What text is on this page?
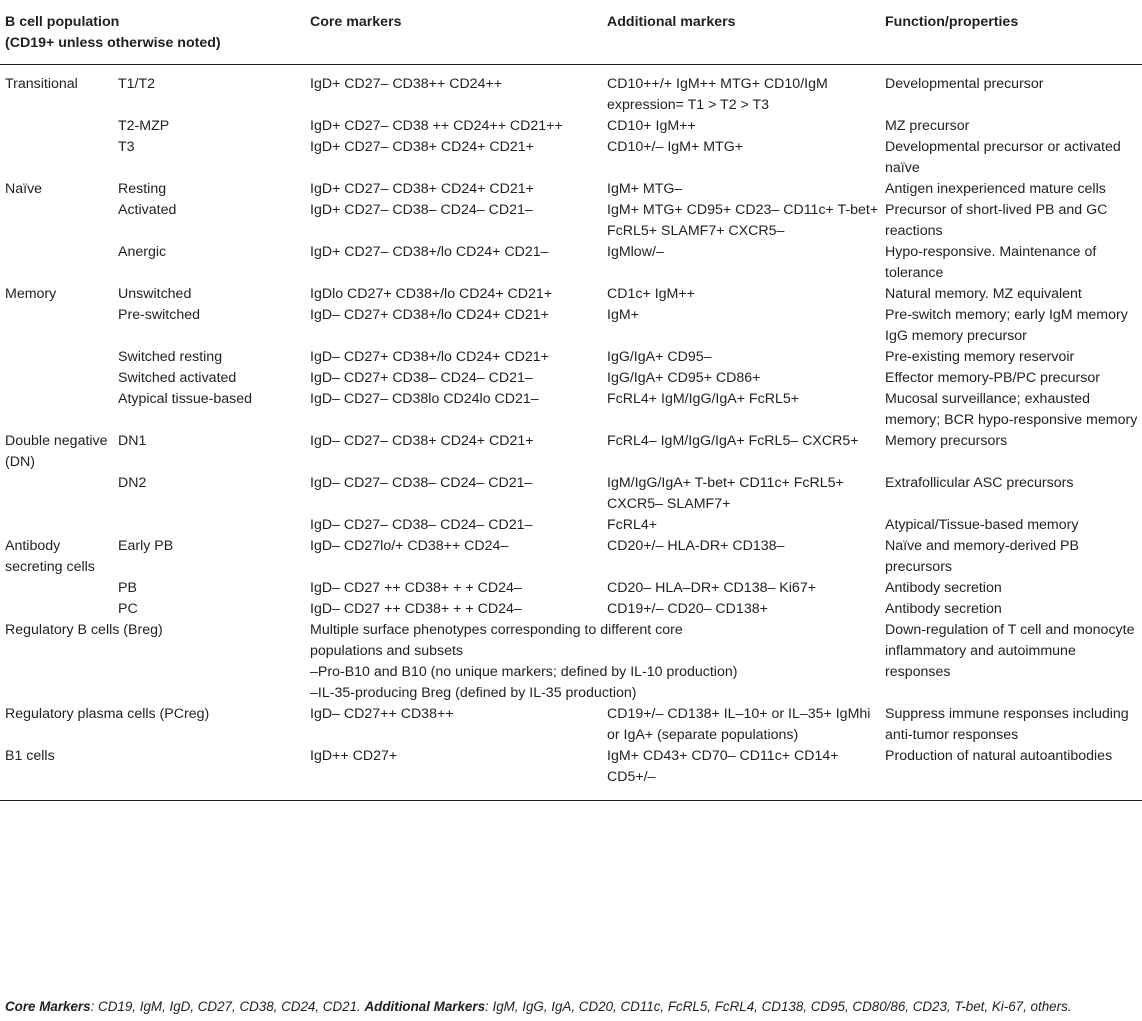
B cell population
(CD19+ unless otherwise noted)		Core markers	Additional markers	Function/properties
Transitional	T1/T2	IgD+ CD27– CD38++ CD24++	CD10++/+ IgM++ MTG+ CD10/IgM expression= T1 > T2 > T3	Developmental precursor

	T2-MZP	IgD+ CD27– CD38 ++ CD24++ CD21++	CD10+ IgM++	MZ precursor

	T3	IgD+ CD27– CD38+ CD24+ CD21+	CD10+/– IgM+ MTG+	Developmental precursor or activated naïve

Naïve	Resting	IgD+ CD27– CD38+ CD24+ CD21+	IgM+ MTG–	Antigen inexperienced mature cells

	Activated	IgD+ CD27– CD38– CD24– CD21–	IgM+ MTG+ CD95+ CD23– CD11c+ T-bet+ FcRL5+ SLAMF7+ CXCR5–	Precursor of short-lived PB and GC reactions

	Anergic	IgD+ CD27– CD38+/lo CD24+ CD21–	IgMlow/–	Hypo-responsive. Maintenance of tolerance

Memory	Unswitched	IgDlo CD27+ CD38+/lo CD24+ CD21+	CD1c+ IgM++	Natural memory. MZ equivalent

	Pre-switched	IgD– CD27+ CD38+/lo CD24+ CD21+	IgM+	Pre-switch memory; early IgM memory
IgG memory precursor

	Switched resting	IgD– CD27+ CD38+/lo CD24+ CD21+	IgG/IgA+ CD95–	Pre-existing memory reservoir

	Switched activated	IgD– CD27+ CD38– CD24– CD21–	IgG/IgA+ CD95+ CD86+	Effector memory-PB/PC precursor

	Atypical tissue-based	IgD– CD27– CD38lo CD24lo CD21–	FcRL4+ IgM/IgG/IgA+ FcRL5+	Mucosal surveillance; exhausted memory; BCR hypo-responsive memory

Double negative (DN)	DN1	IgD– CD27– CD38+ CD24+ CD21+	FcRL4– IgM/IgG/IgA+ FcRL5– CXCR5+	Memory precursors

	DN2	IgD– CD27– CD38– CD24– CD21–	IgM/IgG/IgA+ T-bet+ CD11c+ FcRL5+ CXCR5– SLAMF7+	Extrafollicular ASC precursors

		IgD– CD27– CD38– CD24– CD21–	FcRL4+	Atypical/Tissue-based memory

Antibody secreting cells	Early PB	IgD– CD27lo/+ CD38++ CD24–	CD20+/– HLA-DR+ CD138–	Naïve and memory-derived PB precursors

	PB	IgD– CD27 ++ CD38+ + + CD24–	CD20– HLA–DR+ CD138– Ki67+	Antibody secretion

	PC	IgD– CD27 ++ CD38+ + + CD24–	CD19+/– CD20– CD138+	Antibody secretion

Regulatory B cells (Breg)		Multiple surface phenotypes corresponding to different core
populations and subsets
–Pro-B10 and B10 (no unique markers; defined by IL-10 production)
–IL-35-producing Breg (defined by IL-35 production)		Down-regulation of T cell and monocyte inflammatory and autoimmune responses
Regulatory plasma cells (PCreg)		IgD– CD27++ CD38++	CD19+/– CD138+ IL–10+ or IL–35+ IgMhi or IgA+ (separate populations)	Suppress immune responses including anti-tumor responses
B1 cells		IgD++ CD27+	IgM+ CD43+ CD70– CD11c+ CD14+ CD5+/–	Production of natural autoantibodies
Core Markers: CD19, IgM, IgD, CD27, CD38, CD24, CD21. Additional Markers: IgM, IgG, IgA, CD20, CD11c, FcRL5, FcRL4, CD138, CD95, CD80/86, CD23, T-bet, Ki-67, others.
